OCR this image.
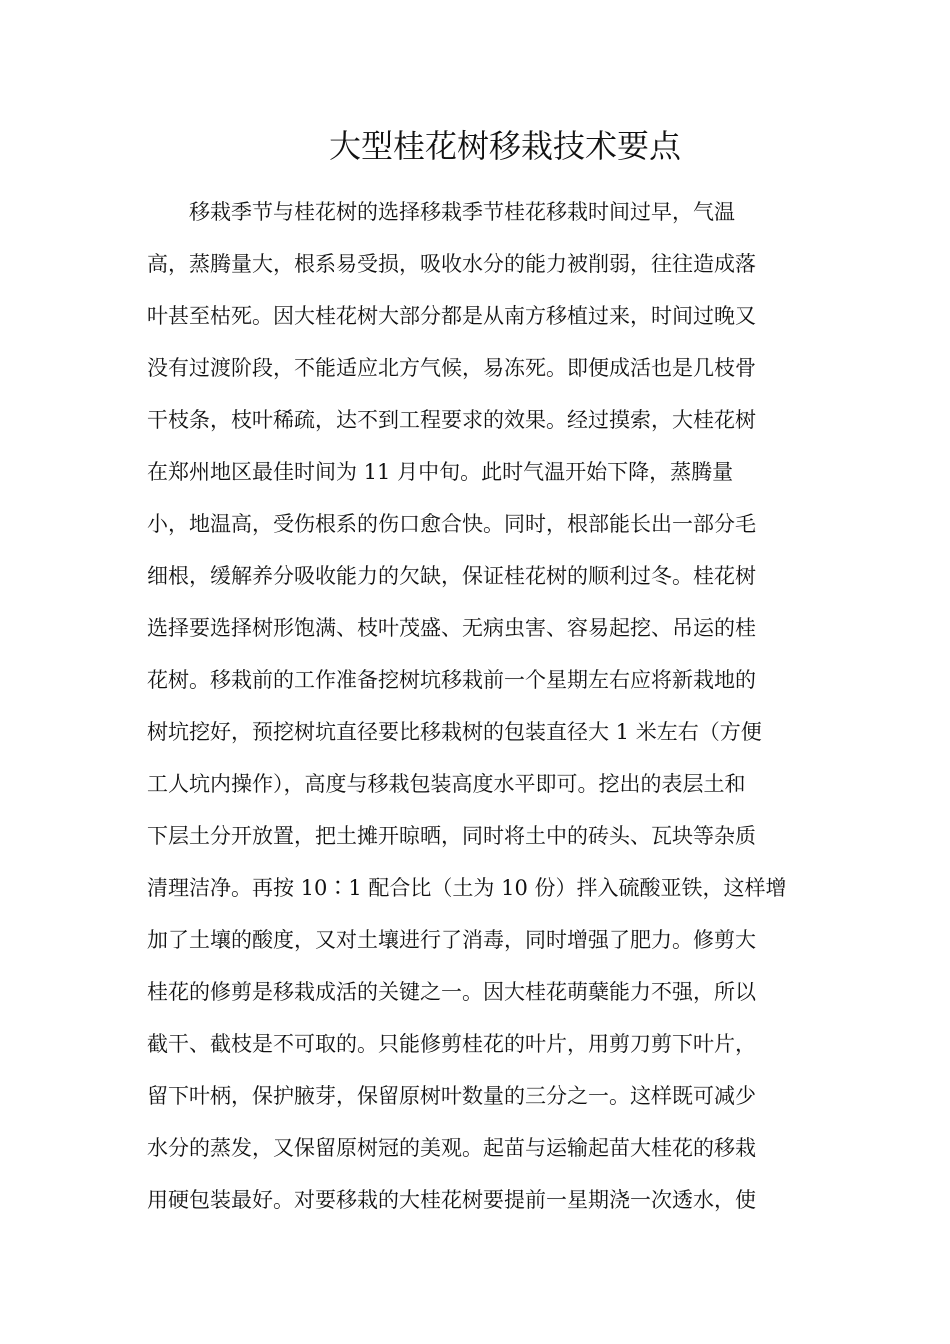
大型桂花树移栽技术要点
移栽季节与桂花树的选择移栽季节桂花移栽时间过早，气温
高，蒸腾量大，根系易受损，吸收水分的能力被削弱，往往造成落
叶甚至枯死。因大桂花树大部分都是从南方移植过来，时间过晚又
没有过渡阶段，不能适应北方气候，易冻死。即便成活也是几枝骨
干枝条，枝叶稀疏，达不到工程要求的效果。经过摸索，大桂花树
在郑州地区最佳时间为 11 月中旬。此时气温开始下降，蒸腾量
小，地温高，受伤根系的伤口愈合快。同时，根部能长出一部分毛
细根，缓解养分吸收能力的欠缺，保证桂花树的顺利过冬。桂花树
选择要选择树形饱满、枝叶茂盛、无病虫害、容易起挖、吊运的桂
花树。移栽前的工作准备挖树坑移栽前一个星期左右应将新栽地的
树坑挖好，预挖树坑直径要比移栽树的包装直径大 1 米左右（方便
工人坑内操作），高度与移栽包装高度水平即可。挖出的表层土和
下层土分开放置，把土摊开晾晒，同时将土中的砖头、瓦块等杂质
清理洁净。再按 10∶1 配合比（土为 10 份）拌入硫酸亚铁，这样增
加了土壤的酸度，又对土壤进行了消毒，同时增强了肥力。修剪大
桂花的修剪是移栽成活的关键之一。因大桂花萌蘖能力不强，所以
截干、截枝是不可取的。只能修剪桂花的叶片，用剪刀剪下叶片，
留下叶柄，保护腋芽，保留原树叶数量的三分之一。这样既可减少
水分的蒸发，又保留原树冠的美观。起苗与运输起苗大桂花的移栽
用硬包装最好。对要移栽的大桂花树要提前一星期浇一次透水，使
